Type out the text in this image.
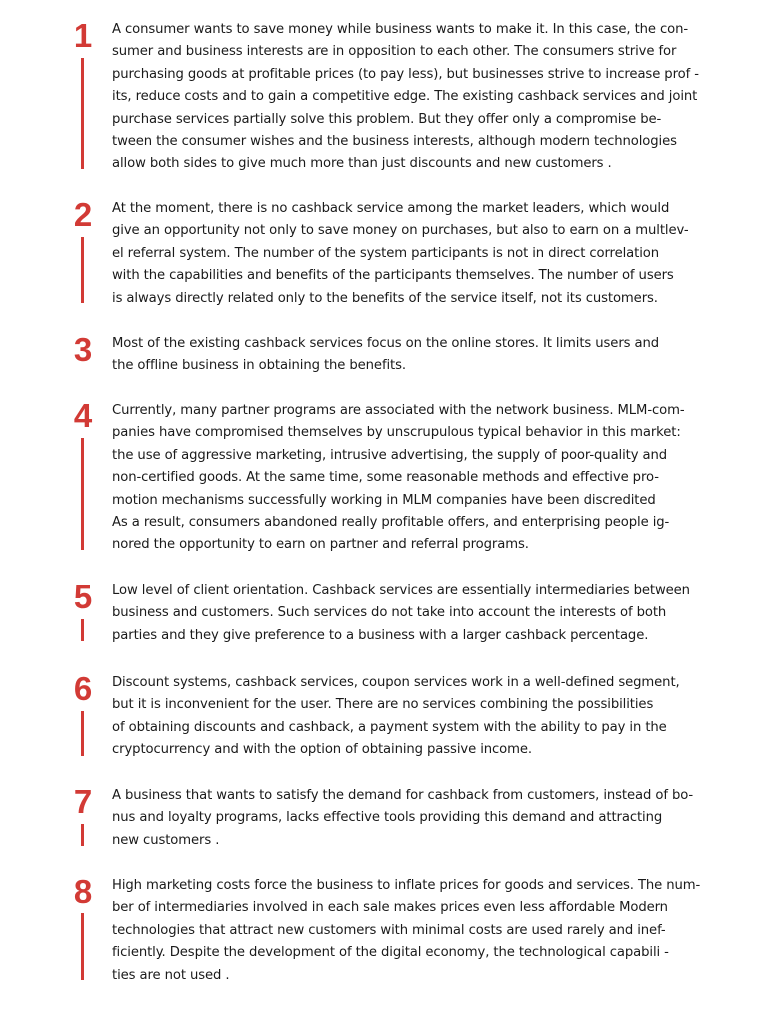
1	A consumer wants to save money while business wants to make it. In this case, the con-
sumer and business interests are in opposition to each other. The consumers strive for
purchasing goods at profitable prices (to pay less), but businesses strive to increase prof -
its, reduce costs and to gain a competitive edge. The existing cashback services and joint
purchase services partially solve this problem. But they offer only a compromise be-
tween the consumer wishes and the business interests, although modern technologies
allow both sides to give much more than just discounts and new customers .
2	At the moment, there is no cashback service among the market leaders, which would
give an opportunity not only to save money on purchases, but also to earn on a multlev-
el referral system. The number of the system participants is not in direct correlation
with the capabilities and benefits of the participants themselves. The number of users
is always directly related only to the benefits of the service itself, not its customers.
3	Most of the existing cashback services focus on the online stores. It limits users and
the offline business in obtaining the benefits.
4	Currently, many partner programs are associated with the network business. MLM-com-
panies have compromised themselves by unscrupulous typical behavior in this market:
the use of aggressive marketing, intrusive advertising, the supply of poor-quality and
non-certified goods. At the same time, some reasonable methods and effective pro-
motion mechanisms successfully working in MLM companies have been discredited
As a result, consumers abandoned really profitable offers, and enterprising people ig-
nored the opportunity to earn on partner and referral programs.
5	Low level of client orientation. Cashback services are essentially intermediaries between
business and customers. Such services do not take into account the interests of both
parties and they give preference to a business with a larger cashback percentage.
6	Discount systems, cashback services, coupon services work in a well-defined segment,
but it is inconvenient for the user. There are no services combining the possibilities
of obtaining discounts and cashback, a payment system with the ability to pay in the
cryptocurrency and with the option of obtaining passive income.
7	A business that wants to satisfy the demand for cashback from customers, instead of bo-
nus and loyalty programs, lacks effective tools providing this demand and attracting
new customers .
8	High marketing costs force the business to inflate prices for goods and services. The num-
ber of intermediaries involved in each sale makes prices even less affordable Modern
technologies that attract new customers with minimal costs are used rarely and inef-
ficiently. Despite the development of the digital economy, the technological capabili -
ties are not used .
